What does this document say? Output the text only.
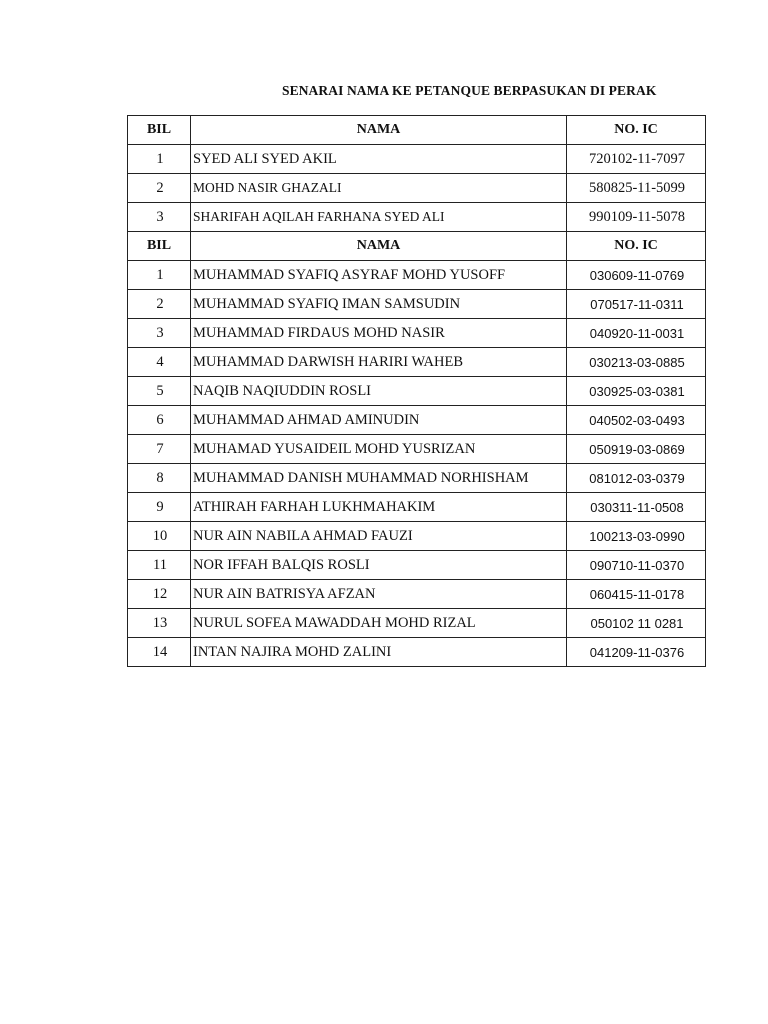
SENARAI NAMA KE PETANQUE BERPASUKAN DI PERAK
BIL	NAMA	NO. IC
1	SYED ALI SYED AKIL	720102-11-7097
2	MOHD NASIR GHAZALI	580825-11-5099
3	SHARIFAH AQILAH FARHANA SYED ALI	990109-11-5078
BIL	NAMA	NO. IC
1	MUHAMMAD SYAFIQ ASYRAF MOHD YUSOFF	030609-11-0769
2	MUHAMMAD SYAFIQ IMAN SAMSUDIN	070517-11-0311
3	MUHAMMAD FIRDAUS MOHD NASIR	040920-11-0031
4	MUHAMMAD DARWISH HARIRI WAHEB	030213-03-0885
5	NAQIB NAQIUDDIN ROSLI	030925-03-0381
6	MUHAMMAD AHMAD AMINUDIN	040502-03-0493
7	MUHAMAD YUSAIDEIL MOHD YUSRIZAN	050919-03-0869
8	MUHAMMAD DANISH MUHAMMAD NORHISHAM	081012-03-0379
9	ATHIRAH FARHAH LUKHMAHAKIM	030311-11-0508
10	NUR AIN NABILA AHMAD FAUZI	100213-03-0990
11	NOR IFFAH BALQIS ROSLI	090710-11-0370
12	NUR AIN BATRISYA AFZAN	060415-11-0178
13	NURUL SOFEA MAWADDAH MOHD RIZAL	050102 11 0281
14	INTAN NAJIRA MOHD ZALINI	041209-11-0376
